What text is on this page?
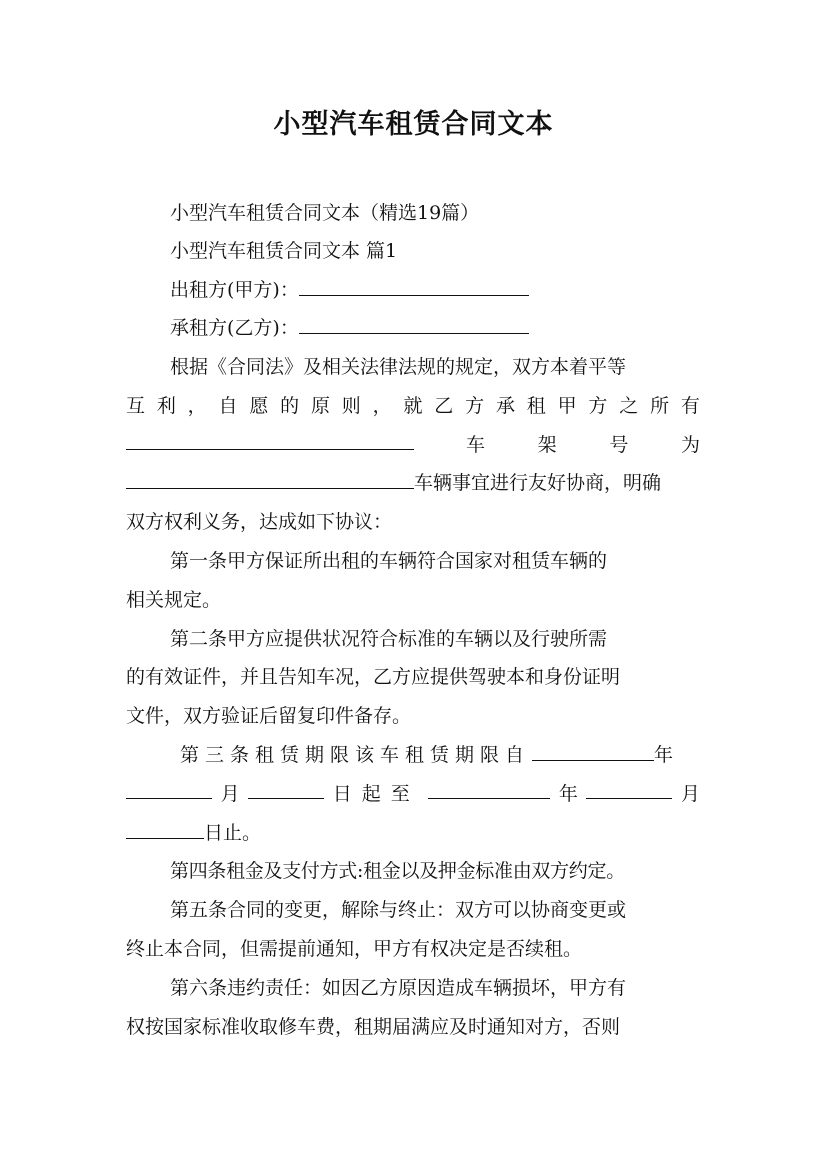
小型汽车租赁合同文本
小型汽车租赁合同文本（精选19篇）
小型汽车租赁合同文本 篇1
出租方(甲方)：
承租方(乙方)：
根据《合同法》及相关法律法规的规定，双方本着平等
互 利 ， 自 愿 的 原 则 ， 就 乙 方 承 租 甲 方 之 所 有
车	架	号	为
车辆事宜进行友好协商，明确
双方权利义务，达成如下协议：
第一条甲方保证所出租的车辆符合国家对租赁车辆的
相关规定。
第二条甲方应提供状况符合标准的车辆以及行驶所需
的有效证件，并且告知车况，乙方应提供驾驶本和身份证明
文件，双方验证后留复印件备存。
第三条租赁期限该车租赁期限自	年
月	日起至	年	月
日止。
第四条租金及支付方式:租金以及押金标准由双方约定。
第五条合同的变更，解除与终止：双方可以协商变更或
终止本合同，但需提前通知，甲方有权决定是否续租。
第六条违约责任：如因乙方原因造成车辆损坏，甲方有
权按国家标准收取修车费，租期届满应及时通知对方，否则
